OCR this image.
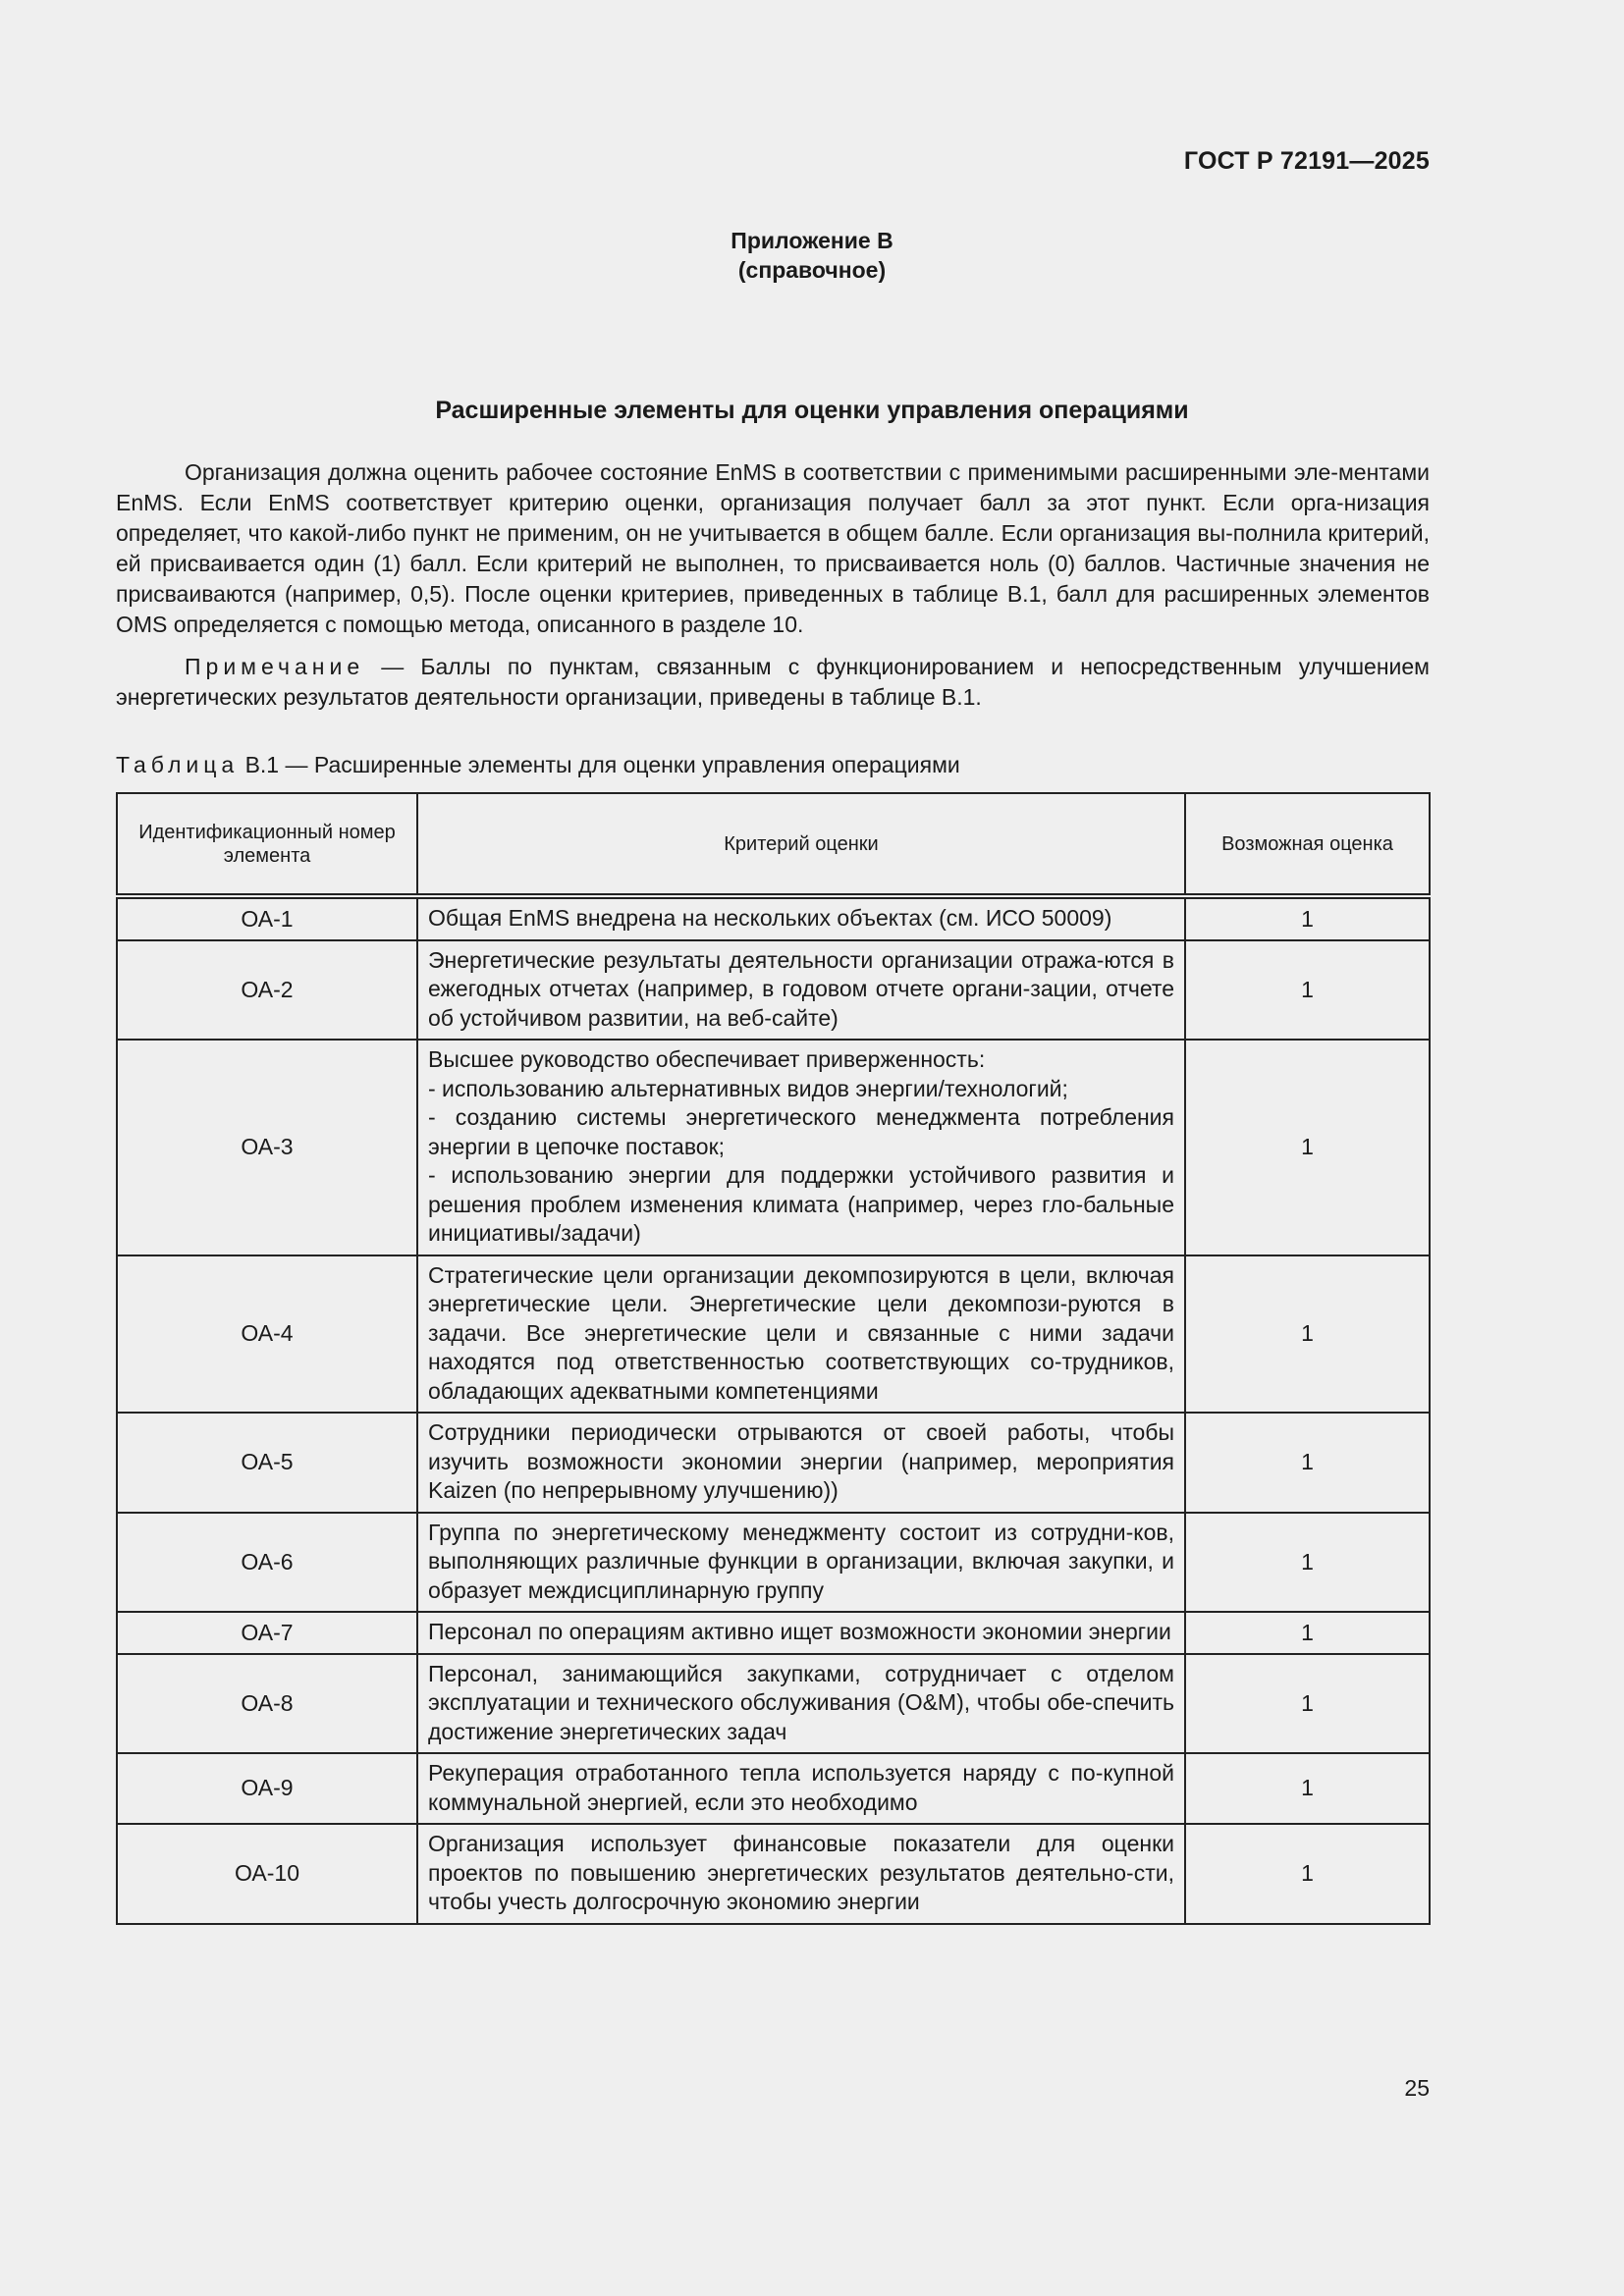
ГОСТ Р 72191—2025
Приложение В
(справочное)
Расширенные элементы для оценки управления операциями

Организация должна оценить рабочее состояние EnMS в соответствии с применимыми расширенными эле-ментами EnMS. Если EnMS соответствует критерию оценки, организация получает балл за этот пункт. Если орга-низация определяет, что какой-либо пункт не применим, он не учитывается в общем балле. Если организация вы-полнила критерий, ей присваивается один (1) балл. Если критерий не выполнен, то присваивается ноль (0) баллов. Частичные значения не присваиваются (например, 0,5). После оценки критериев, приведенных в таблице В.1, балл для расширенных элементов OMS определяется с помощью метода, описанного в разделе 10.

Примечание — Баллы по пунктам, связанным с функционированием и непосредственным улучшением энергетических результатов деятельности организации, приведены в таблице В.1.

Таблица В.1 — Расширенные элементы для оценки управления операциями
Идентификационный номер элемента	Критерий оценки	Возможная оценка
ОА-1	Общая EnMS внедрена на нескольких объектах (см. ИСО 50009)	1
ОА-2	Энергетические результаты деятельности организации отража-ются в ежегодных отчетах (например, в годовом отчете органи-зации, отчете об устойчивом развитии, на веб-сайте)	1
ОА-3	Высшее руководство обеспечивает приверженность:
- использованию альтернативных видов энергии/технологий;
- созданию системы энергетического менеджмента потребления энергии в цепочке поставок;
- использованию энергии для поддержки устойчивого развития и решения проблем изменения климата (например, через гло-бальные инициативы/задачи)	1
ОА-4	Стратегические цели организации декомпозируются в цели, включая энергетические цели. Энергетические цели декомпози-руются в задачи. Все энергетические цели и связанные с ними задачи находятся под ответственностью соответствующих со-трудников, обладающих адекватными компетенциями	1
ОА-5	Сотрудники периодически отрываются от своей работы, чтобы изучить возможности экономии энергии (например, мероприятия Kaizen (по непрерывному улучшению))	1
ОА-6	Группа по энергетическому менеджменту состоит из сотрудни-ков, выполняющих различные функции в организации, включая закупки, и образует междисциплинарную группу	1
ОА-7	Персонал по операциям активно ищет возможности экономии энергии	1
ОА-8	Персонал, занимающийся закупками, сотрудничает с отделом эксплуатации и технического обслуживания (O&M), чтобы обе-спечить достижение энергетических задач	1
ОА-9	Рекуперация отработанного тепла используется наряду с по-купной коммунальной энергией, если это необходимо	1
ОА-10	Организация использует финансовые показатели для оценки проектов по повышению энергетических результатов деятельно-сти, чтобы учесть долгосрочную экономию энергии	1
25
